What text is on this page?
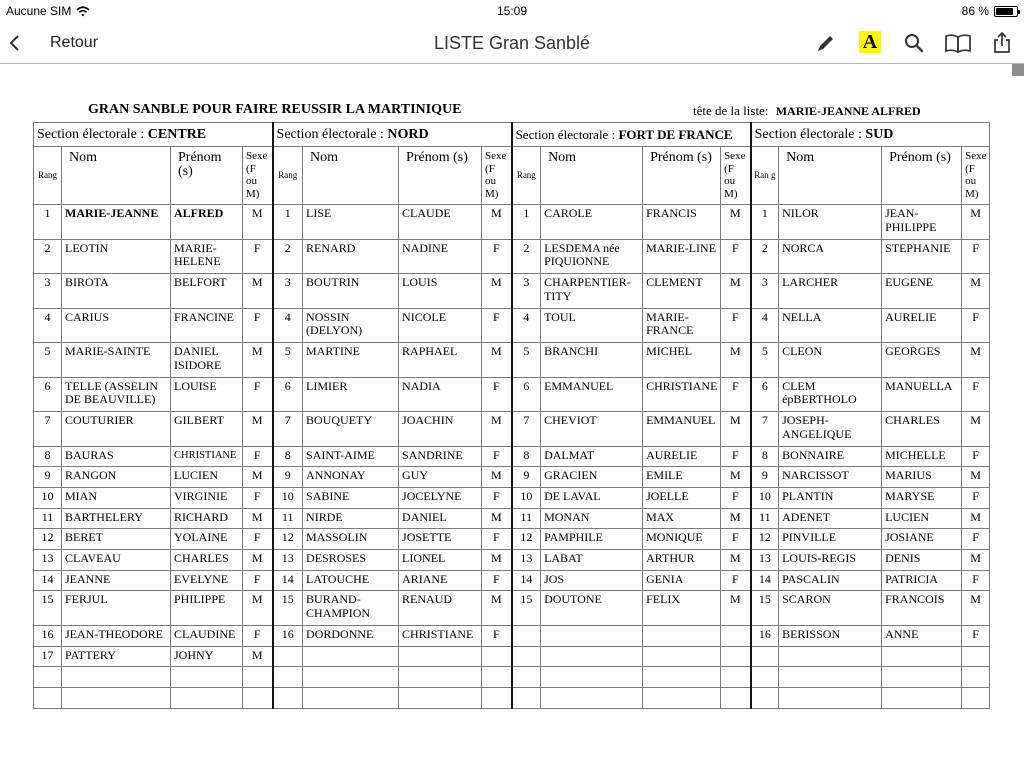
Aucune SIM	15:09	86 %
Retour	LISTE Gran Sanblé	A
GRAN SANBLE POUR FAIRE REUSSIR LA MARTINIQUE	tête de la liste: MARIE-JEANNE ALFRED
Section électorale : CENTRE				Section électorale : NORD				Section électorale : FORT DE FRANCE				Section électorale : SUD			
Rang	Nom	Prénom (s)	Sexe (F ou M)	Rang	Nom	Prénom (s)	Sexe (F ou M)	Rang	Nom	Prénom (s)	Sexe (F ou M)	Ran g	Nom	Prénom (s)	Sexe (F ou M)
1	MARIE-JEANNE	ALFRED	M	1	LISE	CLAUDE	M	1	CAROLE	FRANCIS	M	1	NILOR	JEAN-PHILIPPE	M
2	LEOTIN	MARIE-HELENE	F	2	RENARD	NADINE	F	2	LESDEMA née PIQUIONNE	MARIE-LINE	F	2	NORCA	STEPHANIE	F
3	BIROTA	BELFORT	M	3	BOUTRIN	LOUIS	M	3	CHARPENTIER-TITY	CLEMENT	M	3	LARCHER	EUGENE	M
4	CARIUS	FRANCINE	F	4	NOSSIN (DELYON)	NICOLE	F	4	TOUL	MARIE-FRANCE	F	4	NELLA	AURELIE	F
5	MARIE-SAINTE	DANIEL ISIDORE	M	5	MARTINE	RAPHAEL	M	5	BRANCHI	MICHEL	M	5	CLEON	GEORGES	M
6	TELLE (ASSELIN DE BEAUVILLE)	LOUISE	F	6	LIMIER	NADIA	F	6	EMMANUEL	CHRISTIANE	F	6	CLEM épBERTHOLO	MANUELLA	F
7	COUTURIER	GILBERT	M	7	BOUQUETY	JOACHIN	M	7	CHEVIOT	EMMANUEL	M	7	JOSEPH-ANGELIQUE	CHARLES	M
8	BAURAS	CHRISTIANE	F	8	SAINT-AIME	SANDRINE	F	8	DALMAT	AURELIE	F	8	BONNAIRE	MICHELLE	F
9	RANGON	LUCIEN	M	9	ANNONAY	GUY	M	9	GRACIEN	EMILE	M	9	NARCISSOT	MARIUS	M
10	MIAN	VIRGINIE	F	10	SABINE	JOCELYNE	F	10	DE LAVAL	JOELLE	F	10	PLANTIN	MARYSE	F
11	BARTHELERY	RICHARD	M	11	NIRDE	DANIEL	M	11	MONAN	MAX	M	11	ADENET	LUCIEN	M
12	BERET	YOLAINE	F	12	MASSOLIN	JOSETTE	F	12	PAMPHILE	MONIQUE	F	12	PINVILLE	JOSIANE	F
13	CLAVEAU	CHARLES	M	13	DESROSES	LIONEL	M	13	LABAT	ARTHUR	M	13	LOUIS-REGIS	DENIS	M
14	JEANNE	EVELYNE	F	14	LATOUCHE	ARIANE	F	14	JOS	GENIA	F	14	PASCALIN	PATRICIA	F
15	FERJUL	PHILIPPE	M	15	BURAND-CHAMPION	RENAUD	M	15	DOUTONE	FELIX	M	15	SCARON	FRANCOIS	M
16	JEAN-THEODORE	CLAUDINE	F	16	DORDONNE	CHRISTIANE	F					16	BERISSON	ANNE	F
17	PATTERY	JOHNY	M												
